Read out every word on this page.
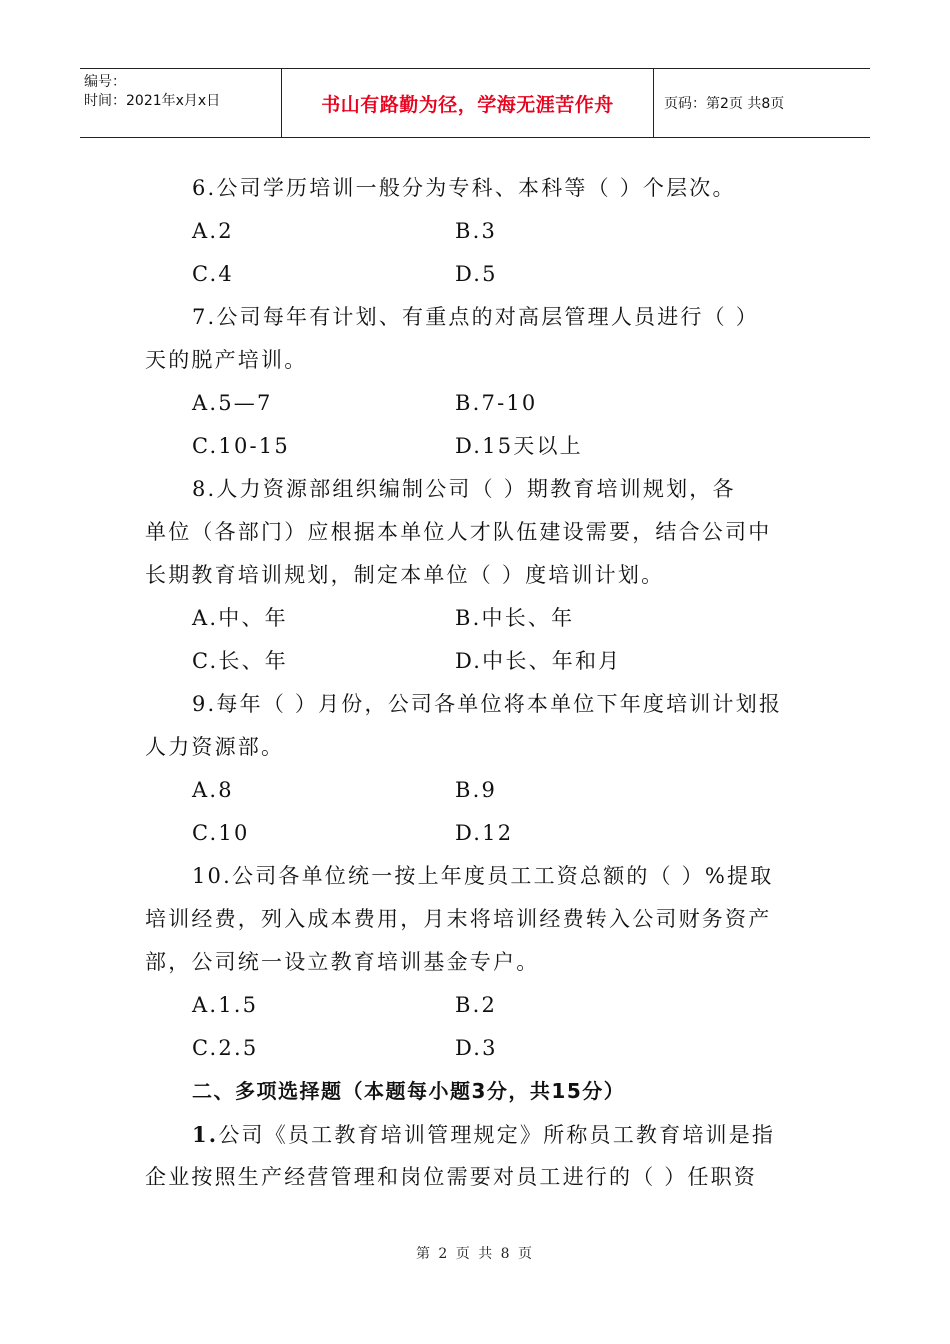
编号：
时间：2021年x月x日	书山有路勤为径，学海无涯苦作舟	页码：第2页 共8页
6.公司学历培训一般分为专科、本科等（ ）个层次。
A.2	B.3
C.4	D.5
7.公司每年有计划、有重点的对高层管理人员进行（ ）
天的脱产培训。
A.5—7	B.7-10
C.10-15	D.15天以上
8.人力资源部组织编制公司（ ）期教育培训规划，各
单位（各部门）应根据本单位人才队伍建设需要，结合公司中
长期教育培训规划，制定本单位（ ）度培训计划。
A.中、年	B.中长、年
C.长、年	D.中长、年和月
9.每年（ ）月份，公司各单位将本单位下年度培训计划报
人力资源部。
A.8	B.9
C.10	D.12
10.公司各单位统一按上年度员工工资总额的（ ）%提取
培训经费，列入成本费用，月末将培训经费转入公司财务资产
部，公司统一设立教育培训基金专户。
A.1.5	B.2
C.2.5	D.3
二、多项选择题（本题每小题3分，共15分）
1.公司《员工教育培训管理规定》所称员工教育培训是指
企业按照生产经营管理和岗位需要对员工进行的（ ）任职资
第 2 页 共 8 页
